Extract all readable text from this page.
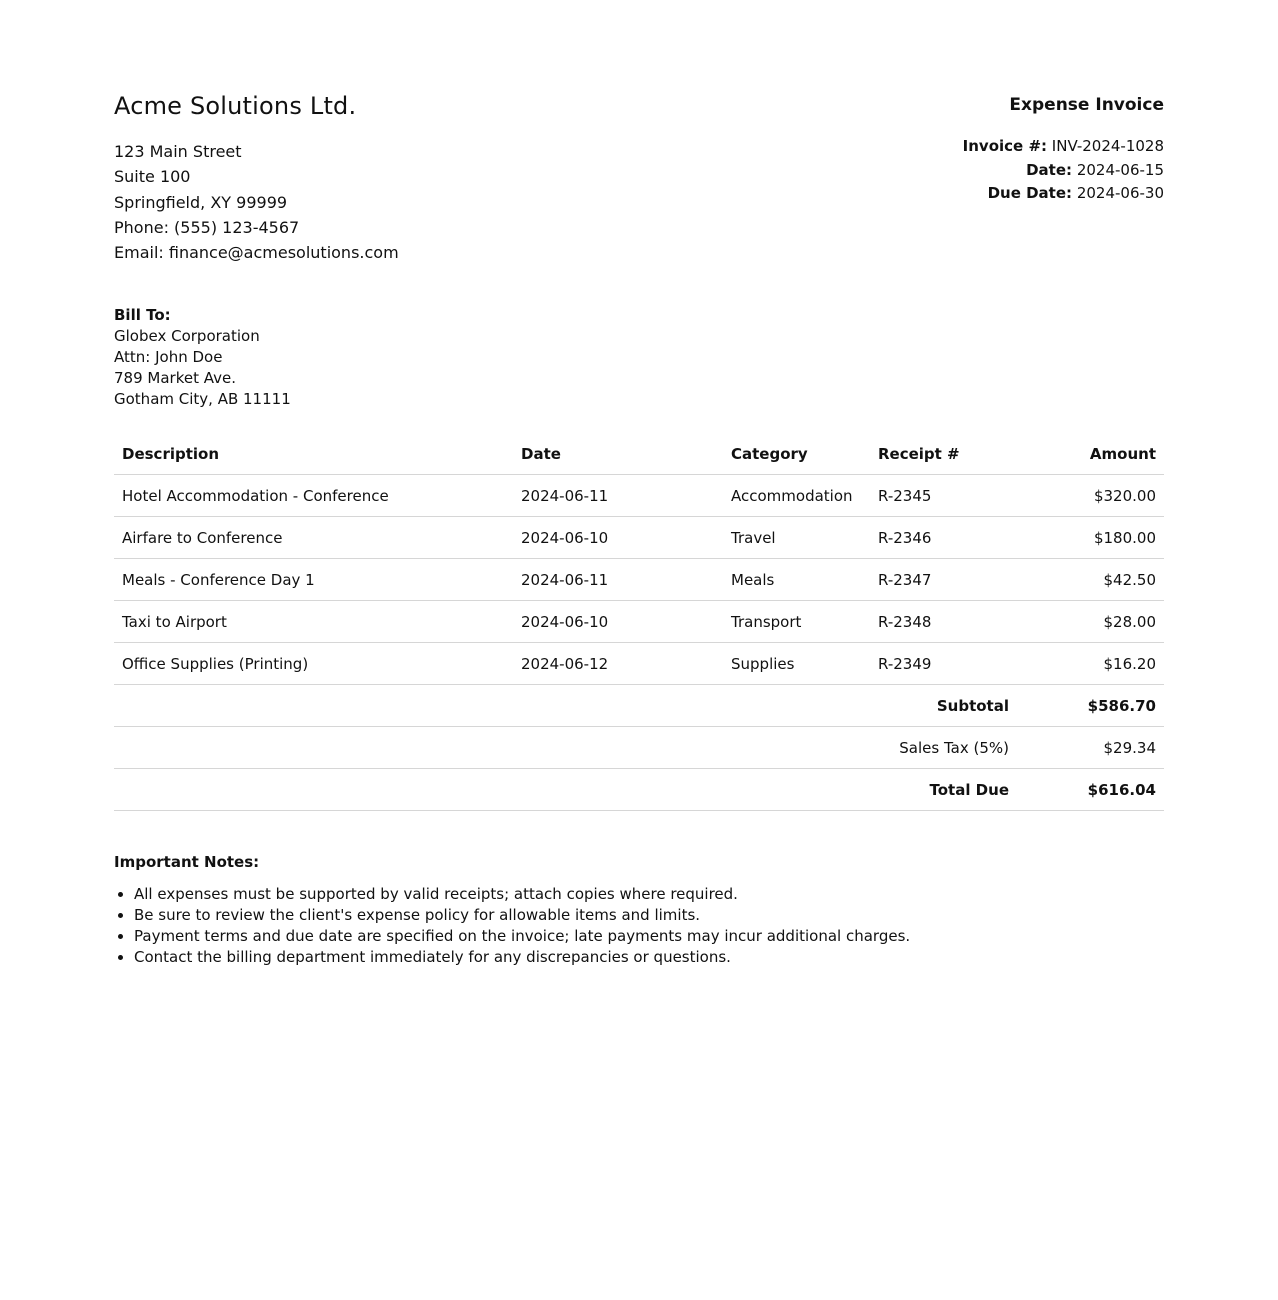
Acme Solutions Ltd.
123 Main Street
Suite 100
Springfield, XY 99999
Phone: (555) 123-4567
Email: finance@acmesolutions.com
Expense Invoice
Invoice #: INV-2024-1028
Date: 2024-06-15
Due Date: 2024-06-30
Bill To:
Globex Corporation
Attn: John Doe
789 Market Ave.
Gotham City, AB 11111
Description	Date	Category	Receipt #	Amount
Hotel Accommodation - Conference	2024-06-11	Accommodation	R-2345	$320.00
Airfare to Conference	2024-06-10	Travel	R-2346	$180.00
Meals - Conference Day 1	2024-06-11	Meals	R-2347	$42.50
Taxi to Airport	2024-06-10	Transport	R-2348	$28.00
Office Supplies (Printing)	2024-06-12	Supplies	R-2349	$16.20
Subtotal				$586.70
Sales Tax (5%)				$29.34
Total Due				$616.04
Important Notes:
• All expenses must be supported by valid receipts; attach copies where required.
• Be sure to review the client's expense policy for allowable items and limits.
• Payment terms and due date are specified on the invoice; late payments may incur additional charges.
• Contact the billing department immediately for any discrepancies or questions.
